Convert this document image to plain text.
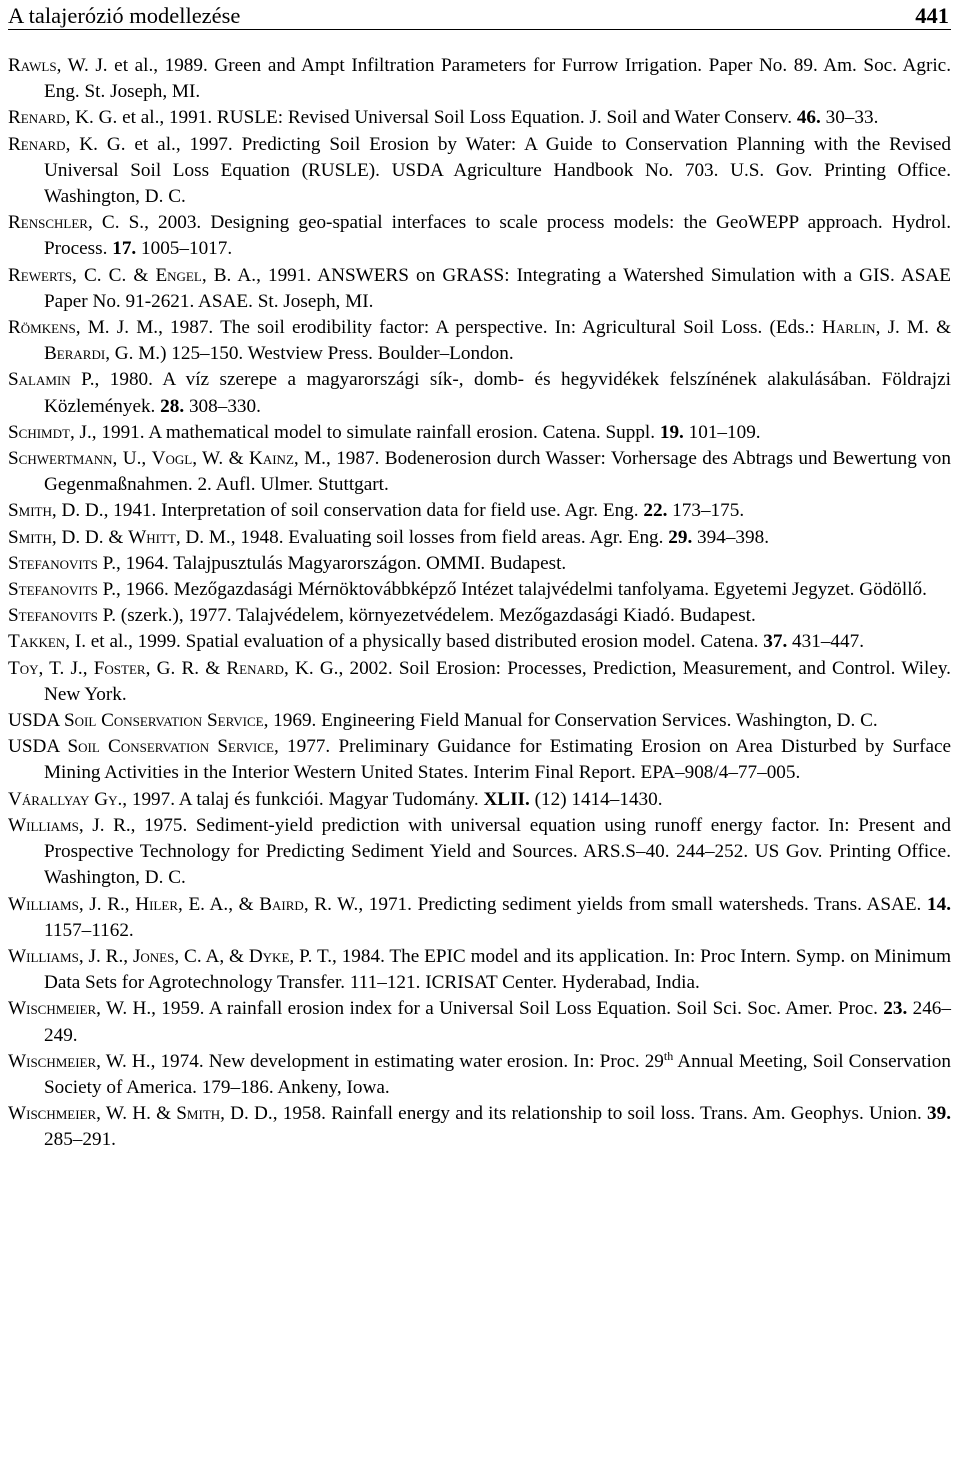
A talajerózió modellezése	441
Rawls, W. J. et al., 1989. Green and Ampt Infiltration Parameters for Furrow Irrigation. Paper No. 89. Am. Soc. Agric. Eng. St. Joseph, MI.
Renard, K. G. et al., 1991. RUSLE: Revised Universal Soil Loss Equation. J. Soil and Water Conserv. 46. 30–33.
Renard, K. G. et al., 1997. Predicting Soil Erosion by Water: A Guide to Conservation Planning with the Revised Universal Soil Loss Equation (RUSLE). USDA Agriculture Handbook No. 703. U.S. Gov. Printing Office. Washington, D. C.
Renschler, C. S., 2003. Designing geo-spatial interfaces to scale process models: the GeoWEPP approach. Hydrol. Process. 17. 1005–1017.
Rewerts, C. C. & Engel, B. A., 1991. ANSWERS on GRASS: Integrating a Watershed Simulation with a GIS. ASAE Paper No. 91-2621. ASAE. St. Joseph, MI.
Römkens, M. J. M., 1987. The soil erodibility factor: A perspective. In: Agricultural Soil Loss. (Eds.: Harlin, J. M. & Berardi, G. M.) 125–150. Westview Press. Boulder–London.
Salamin P., 1980. A víz szerepe a magyarországi sík-, domb- és hegyvidékek felszínének alakulásában. Földrajzi Közlemények. 28. 308–330.
Schimdt, J., 1991. A mathematical model to simulate rainfall erosion. Catena. Suppl. 19. 101–109.
Schwertmann, U., Vogl, W. & Kainz, M., 1987. Bodenerosion durch Wasser: Vorhersage des Abtrags und Bewertung von Gegenmaßnahmen. 2. Aufl. Ulmer. Stuttgart.
Smith, D. D., 1941. Interpretation of soil conservation data for field use. Agr. Eng. 22. 173–175.
Smith, D. D. & Whitt, D. M., 1948. Evaluating soil losses from field areas. Agr. Eng. 29. 394–398.
Stefanovits P., 1964. Talajpusztulás Magyarországon. OMMI. Budapest.
Stefanovits P., 1966. Mezőgazdasági Mérnöktovábbképző Intézet talajvédelmi tanfolyama. Egyetemi Jegyzet. Gödöllő.
Stefanovits P. (szerk.), 1977. Talajvédelem, környezetvédelem. Mezőgazdasági Kiadó. Budapest.
Takken, I. et al., 1999. Spatial evaluation of a physically based distributed erosion model. Catena. 37. 431–447.
Toy, T. J., Foster, G. R. & Renard, K. G., 2002. Soil Erosion: Processes, Prediction, Measurement, and Control. Wiley. New York.
USDA Soil Conservation Service, 1969. Engineering Field Manual for Conservation Services. Washington, D. C.
USDA Soil Conservation Service, 1977. Preliminary Guidance for Estimating Erosion on Area Disturbed by Surface Mining Activities in the Interior Western United States. Interim Final Report. EPA–908/4–77–005.
Várallyay Gy., 1997. A talaj és funkciói. Magyar Tudomány. XLII. (12) 1414–1430.
Williams, J. R., 1975. Sediment-yield prediction with universal equation using runoff energy factor. In: Present and Prospective Technology for Predicting Sediment Yield and Sources. ARS.S–40. 244–252. US Gov. Printing Office. Washington, D. C.
Williams, J. R., Hiler, E. A., & Baird, R. W., 1971. Predicting sediment yields from small watersheds. Trans. ASAE. 14. 1157–1162.
Williams, J. R., Jones, C. A, & Dyke, P. T., 1984. The EPIC model and its application. In: Proc Intern. Symp. on Minimum Data Sets for Agrotechnology Transfer. 111–121. ICRISAT Center. Hyderabad, India.
Wischmeier, W. H., 1959. A rainfall erosion index for a Universal Soil Loss Equation. Soil Sci. Soc. Amer. Proc. 23. 246–249.
Wischmeier, W. H., 1974. New development in estimating water erosion. In: Proc. 29th Annual Meeting, Soil Conservation Society of America. 179–186. Ankeny, Iowa.
Wischmeier, W. H. & Smith, D. D., 1958. Rainfall energy and its relationship to soil loss. Trans. Am. Geophys. Union. 39. 285–291.
